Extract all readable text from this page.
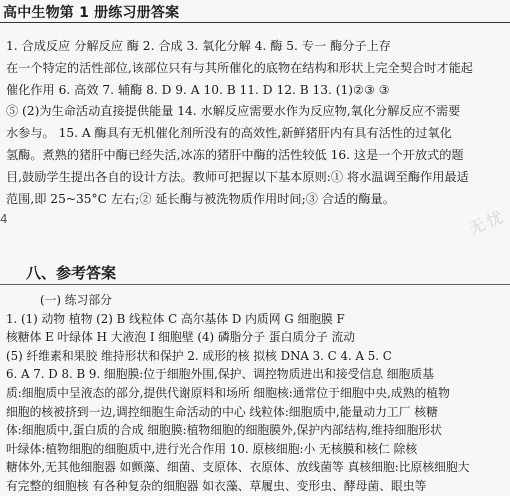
高中生物第 1 册练习册答案
1. 合成反应 分解反应 酶 2. 合成 3. 氧化分解 4. 酶 5. 专一 酶分子上存
在一个特定的活性部位,该部位只有与其所催化的底物在结构和形状上完全契合时才能起
催化作用 6. 高效 7. 辅酶 8. D 9. A 10. B 11. D 12. B 13. (1)②③ ③
⑤ (2)为生命活动直接提供能量 14. 水解反应需要水作为反应物,氧化分解反应不需要
水参与。 15. A 酶具有无机催化剂所没有的高效性,新鲜猪肝内有具有活性的过氧化
氢酶。煮熟的猪肝中酶已经失活,冰冻的猪肝中酶的活性较低 16. 这是一个开放式的题
目,鼓励学生提出各自的设计方法。教师可把握以下基本原则:① 将水温调至酶作用最适
范围,即 25~35°C 左右;② 延长酶与被洗物质作用时间;③ 合适的酶量。
无忧
4
八、参考答案
(一) 练习部分
1. (1) 动物 植物 (2) B 线粒体 C 高尔基体 D 内质网 G 细胞膜 F
核糖体 E 叶绿体 H 大液泡 I 细胞壁 (4) 磷脂分子 蛋白质分子 流动
(5) 纤维素和果胶 维持形状和保护 2. 成形的核 拟核 DNA 3. C 4. A 5. C
6. A 7. D 8. B 9. 细胞膜:位于细胞外围,保护、调控物质进出和接受信息 细胞质基
质:细胞质中呈液态的部分,提供代谢原料和场所 细胞核:通常位于细胞中央,成熟的植物
细胞的核被挤到一边,调控细胞生命活动的中心 线粒体:细胞质中,能量动力工厂 核糖
体:细胞质中,蛋白质的合成 细胞膜:植物细胞的细胞膜外,保护内部结构,维持细胞形状
叶绿体:植物细胞的细胞质中,进行光合作用 10. 原核细胞:小 无核膜和核仁 除核
糖体外,无其他细胞器 如颤藻、细菌、支原体、衣原体、放线菌等 真核细胞:比原核细胞大
有完整的细胞核 有各种复杂的细胞器 如衣藻、草履虫、变形虫、酵母菌、眼虫等
